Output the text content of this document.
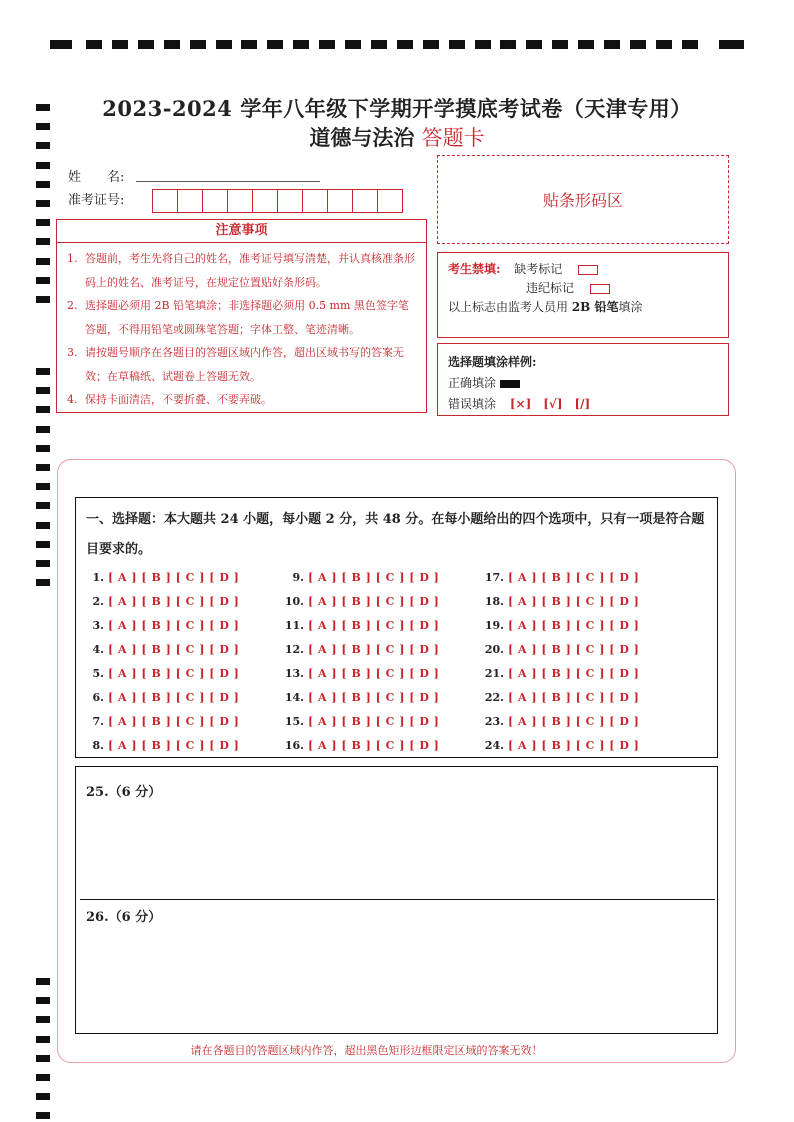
2023-2024 学年八年级下学期开学摸底考试卷（天津专用）
道德与法治 答题卡
姓　　名:
准考证号:	贴条形码区
注意事项
1. 答题前，考生先将自己的姓名，准考证号填写清楚，并认真核准条形码上的姓名、准考证号，在规定位置贴好条形码。
2. 选择题必须用 2B 铅笔填涂；非选择题必须用 0.5 mm 黑色签字笔答题，不得用铅笔或圆珠笔答题；字体工整、笔迹清晰。
3. 请按题号顺序在各题目的答题区域内作答，超出区域书写的答案无效；在草稿纸、试题卷上答题无效。
4. 保持卡面清洁，不要折叠、不要弄破。
考生禁填: 缺考标记
违纪标记
以上标志由监考人员用 2B 铅笔填涂
选择题填涂样例:
正确填涂
错误填涂 [×]　[√]　[/]
一、选择题：本大题共 24 小题，每小题 2 分，共 48 分。在每小题给出的四个选项中，只有一项是符合题目要求的。
1. [ A ] [ B ] [ C ] [ D ]
2. [ A ] [ B ] [ C ] [ D ]
3. [ A ] [ B ] [ C ] [ D ]
4. [ A ] [ B ] [ C ] [ D ]
5. [ A ] [ B ] [ C ] [ D ]
6. [ A ] [ B ] [ C ] [ D ]
7. [ A ] [ B ] [ C ] [ D ]
8. [ A ] [ B ] [ C ] [ D ]
9. [ A ] [ B ] [ C ] [ D ]
10. [ A ] [ B ] [ C ] [ D ]
11. [ A ] [ B ] [ C ] [ D ]
12. [ A ] [ B ] [ C ] [ D ]
13. [ A ] [ B ] [ C ] [ D ]
14. [ A ] [ B ] [ C ] [ D ]
15. [ A ] [ B ] [ C ] [ D ]
16. [ A ] [ B ] [ C ] [ D ]
17. [ A ] [ B ] [ C ] [ D ]
18. [ A ] [ B ] [ C ] [ D ]
19. [ A ] [ B ] [ C ] [ D ]
20. [ A ] [ B ] [ C ] [ D ]
21. [ A ] [ B ] [ C ] [ D ]
22. [ A ] [ B ] [ C ] [ D ]
23. [ A ] [ B ] [ C ] [ D ]
24. [ A ] [ B ] [ C ] [ D ]
25.（6 分）
26.（6 分）
请在各题目的答题区域内作答，超出黑色矩形边框限定区域的答案无效！
